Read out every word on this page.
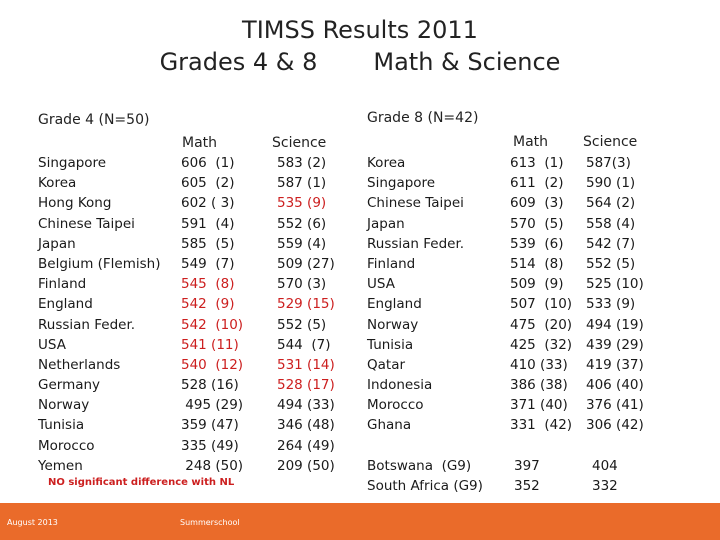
TIMSS Results 2011
Grades 4 & 8 Math & Science
Grade 4 (N=50)
Math	Science
Singapore
Korea
Hong Kong
Chinese Taipei
Japan
Belgium (Flemish)
Finland
England
Russian Feder.
USA
Netherlands
Germany
Norway
Tunisia
Morocco
Yemen
606  (1)
605  (2)
602 ( 3)
591  (4)
585  (5)
549  (7)
545  (8)
542  (9)
542  (10)
541 (11)
540  (12)
528 (16)
495 (29)
359 (47)
335 (49)
248 (50)
583 (2)
587 (1)
535 (9)
552 (6)
559 (4)
509 (27)
570 (3)
529 (15)
552 (5)
544  (7)
531 (14)
528 (17)
494 (33)
346 (48)
264 (49)
209 (50)
NO significant difference with NL
Grade 8 (N=42)
Math Science
Korea
Singapore
Chinese Taipei
Japan
Russian Feder.
Finland
USA
England
Norway
Tunisia
Qatar
Indonesia
Morocco
Ghana
613  (1)
611  (2)
609  (3)
570  (5)
539  (6)
514  (8)
509  (9)
507  (10)
475  (20)
425  (32)
410 (33)
386 (38)
371 (40)
331  (42)
587(3)
590 (1)
564 (2)
558 (4)
542 (7)
552 (5)
525 (10)
533 (9)
494 (19)
439 (29)
419 (37)
406 (40)
376 (41)
306 (42)
Botswana  (G9)
South Africa (G9)
397
352
404
332
August 2013	Summerschool
